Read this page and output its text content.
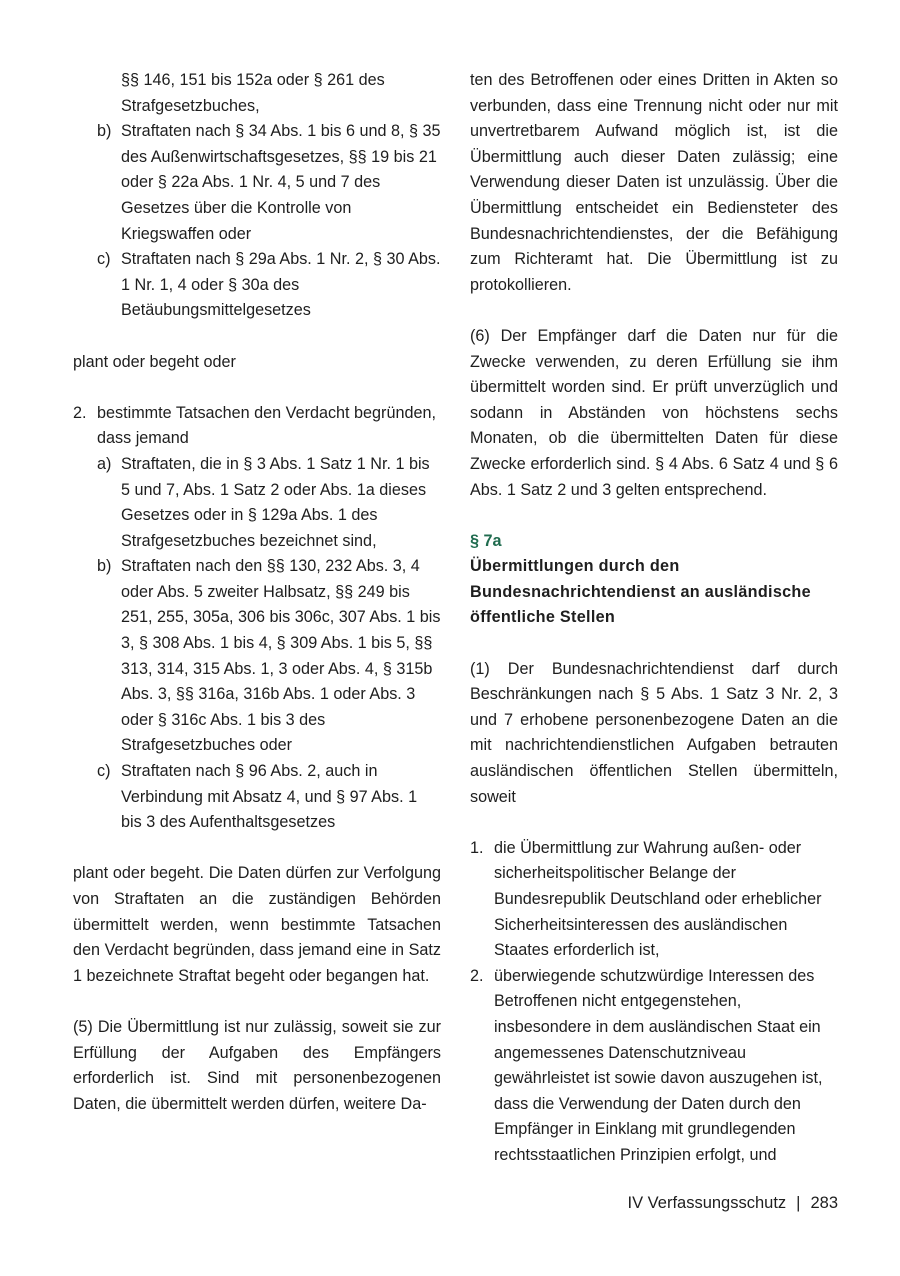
§§ 146, 151 bis 152a oder § 261 des Strafgesetzbuches,
b) Straftaten nach § 34 Abs. 1 bis 6 und 8, § 35 des Außenwirtschaftsgesetzes, §§ 19 bis 21 oder § 22a Abs. 1 Nr. 4, 5 und 7 des Gesetzes über die Kontrolle von Kriegswaffen oder
c) Straftaten nach § 29a Abs. 1 Nr. 2, § 30 Abs. 1 Nr. 1, 4 oder § 30a des Betäubungsmittelgesetzes

plant oder begeht oder

2. bestimmte Tatsachen den Verdacht begründen, dass jemand
a) Straftaten, die in § 3 Abs. 1 Satz 1 Nr. 1 bis 5 und 7, Abs. 1 Satz 2 oder Abs. 1a dieses Gesetzes oder in § 129a Abs. 1 des Strafgesetzbuches bezeichnet sind,
b) Straftaten nach den §§ 130, 232 Abs. 3, 4 oder Abs. 5 zweiter Halbsatz, §§ 249 bis 251, 255, 305a, 306 bis 306c, 307 Abs. 1 bis 3, § 308 Abs. 1 bis 4, § 309 Abs. 1 bis 5, §§ 313, 314, 315 Abs. 1, 3 oder Abs. 4, § 315b Abs. 3, §§ 316a, 316b Abs. 1 oder Abs. 3 oder § 316c Abs. 1 bis 3 des Strafgesetzbuches oder
c) Straftaten nach § 96 Abs. 2, auch in Verbindung mit Absatz 4, und § 97 Abs. 1 bis 3 des Aufenthaltsgesetzes

plant oder begeht. Die Daten dürfen zur Verfolgung von Straftaten an die zuständigen Behörden übermittelt werden, wenn bestimmte Tatsachen den Verdacht begründen, dass jemand eine in Satz 1 bezeichnete Straftat begeht oder begangen hat.

(5) Die Übermittlung ist nur zulässig, soweit sie zur Erfüllung der Aufgaben des Empfängers erforderlich ist. Sind mit personenbezogenen Daten, die übermittelt werden dürfen, weitere Da-

ten des Betroffenen oder eines Dritten in Akten so verbunden, dass eine Trennung nicht oder nur mit unvertretbarem Aufwand möglich ist, ist die Übermittlung auch dieser Daten zulässig; eine Verwendung dieser Daten ist unzulässig. Über die Übermittlung entscheidet ein Bediensteter des Bundesnachrichtendienstes, der die Befähigung zum Richteramt hat. Die Übermittlung ist zu protokollieren.

(6) Der Empfänger darf die Daten nur für die Zwecke verwenden, zu deren Erfüllung sie ihm übermittelt worden sind. Er prüft unverzüglich und sodann in Abständen von höchstens sechs Monaten, ob die übermittelten Daten für diese Zwecke erforderlich sind. § 4 Abs. 6 Satz 4 und § 6 Abs. 1 Satz 2 und 3 gelten entsprechend.

§ 7a

Übermittlungen durch den Bundesnachrichtendienst an ausländische öffentliche Stellen

(1) Der Bundesnachrichtendienst darf durch Beschränkungen nach § 5 Abs. 1 Satz 3 Nr. 2, 3 und 7 erhobene personenbezogene Daten an die mit nachrichtendienstlichen Aufgaben betrauten ausländischen öffentlichen Stellen übermitteln, soweit

1. die Übermittlung zur Wahrung außen- oder sicherheitspolitischer Belange der Bundesrepublik Deutschland oder erheblicher Sicherheitsinteressen des ausländischen Staates erforderlich ist,
2. überwiegende schutzwürdige Interessen des Betroffenen nicht entgegenstehen, insbesondere in dem ausländischen Staat ein angemessenes Datenschutzniveau gewährleistet ist sowie davon auszugehen ist, dass die Verwendung der Daten durch den Empfänger in Einklang mit grundlegenden rechtsstaatlichen Prinzipien erfolgt, und
IV Verfassungsschutz | 283
